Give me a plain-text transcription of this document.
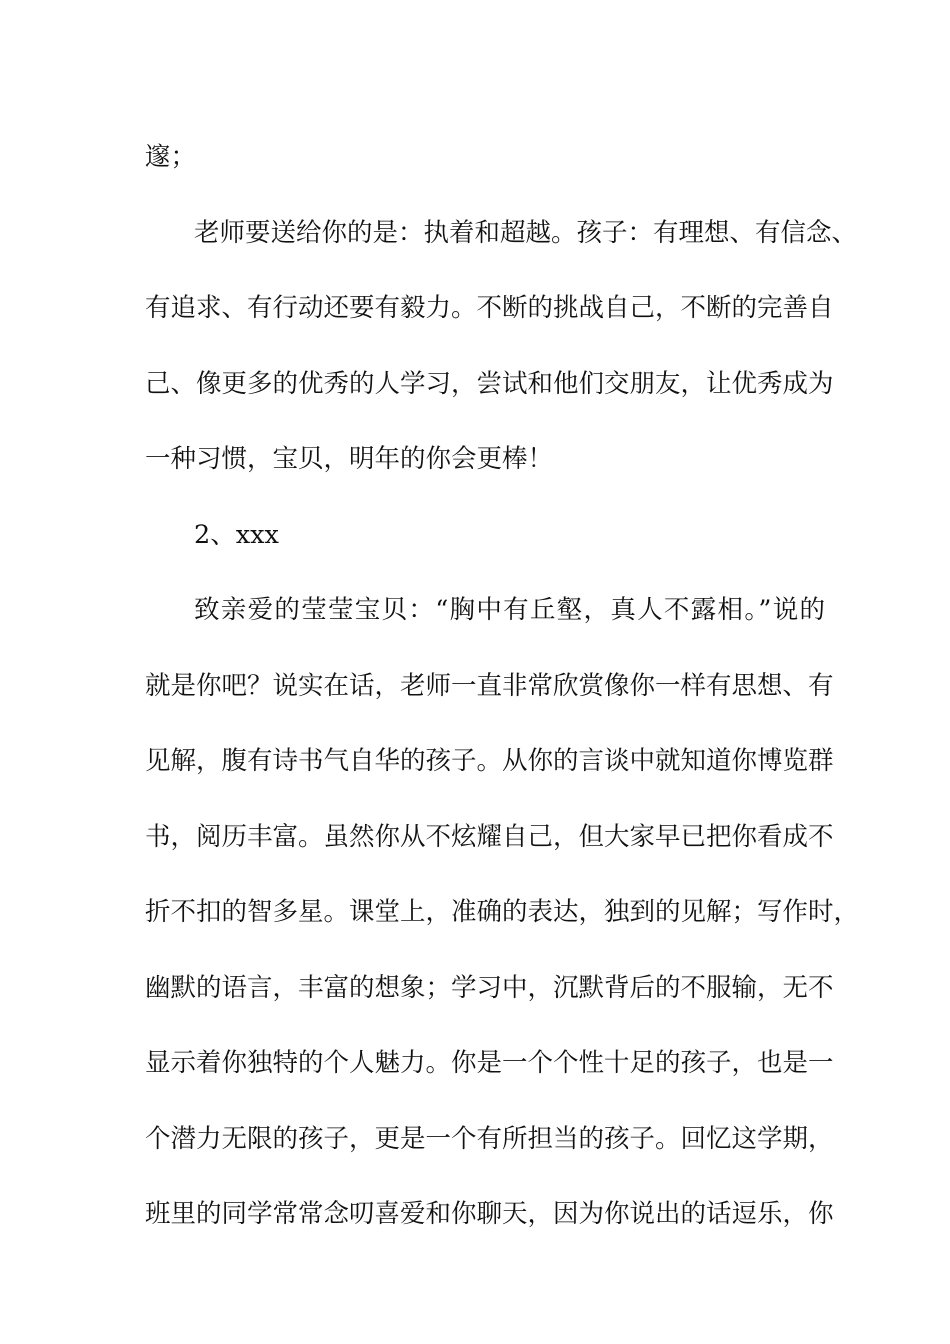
邃；
老师要送给你的是：执着和超越。孩子：有理想、有信念、
有追求、有行动还要有毅力。不断的挑战自己，不断的完善自
己、像更多的优秀的人学习，尝试和他们交朋友，让优秀成为
一种习惯，宝贝，明年的你会更棒！
2、xxx
致亲爱的莹莹宝贝：“胸中有丘壑，真人不露相。”说的
就是你吧？说实在话，老师一直非常欣赏像你一样有思想、有
见解，腹有诗书气自华的孩子。从你的言谈中就知道你博览群
书，阅历丰富。虽然你从不炫耀自己，但大家早已把你看成不
折不扣的智多星。课堂上，准确的表达，独到的见解；写作时，
幽默的语言，丰富的想象；学习中，沉默背后的不服输，无不
显示着你独特的个人魅力。你是一个个性十足的孩子，也是一
个潜力无限的孩子，更是一个有所担当的孩子。回忆这学期，
班里的同学常常念叨喜爱和你聊天，因为你说出的话逗乐，你
